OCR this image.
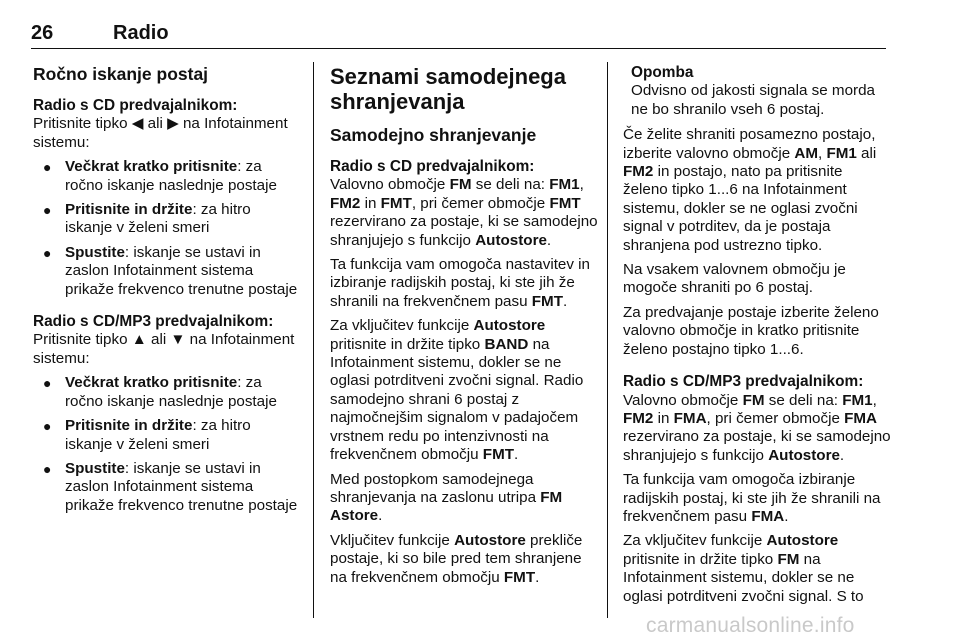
26	Radio
Ročno iskanje postaj
Radio s CD predvajalnikom:

Pritisnite tipko ◀ ali ▶ na Infotainment sistemu:

● Večkrat kratko pritisnite: za ročno iskanje naslednje postaje
● Pritisnite in držite: za hitro iskanje v želeni smeri
● Spustite: iskanje se ustavi in zaslon Infotainment sistema prikaže frekvenco trenutne postaje
Radio s CD/MP3 predvajalnikom:

Pritisnite tipko ▲ ali ▼ na Infotainment sistemu:

● Večkrat kratko pritisnite: za ročno iskanje naslednje postaje
● Pritisnite in držite: za hitro iskanje v želeni smeri
● Spustite: iskanje se ustavi in zaslon Infotainment sistema prikaže frekvenco trenutne postaje
Seznami samodejnega shranjevanja
Samodejno shranjevanje
Radio s CD predvajalnikom:

Valovno območje FM se deli na: FM1, FM2 in FMT, pri čemer območje FMT rezervirano za postaje, ki se samodejno shranjujejo s funkcijo Autostore.

Ta funkcija vam omogoča nastavitev in izbiranje radijskih postaj, ki ste jih že shranili na frekvenčnem pasu FMT.

Za vključitev funkcije Autostore pritisnite in držite tipko BAND na Infotainment sistemu, dokler se ne oglasi potrditveni zvočni signal. Radio samodejno shrani 6 postaj z najmočnejšim signalom v padajočem vrstnem redu po intenzivnosti na frekvenčnem območju FMT.

Med postopkom samodejnega shranjevanja na zaslonu utripa FM Astore.

Vključitev funkcije Autostore prekliče postaje, ki so bile pred tem shranjene na frekvenčnem območju FMT.

Opomba
Odvisno od jakosti signala se morda ne bo shranilo vseh 6 postaj.

Če želite shraniti posamezno postajo, izberite valovno območje AM, FM1 ali FM2 in postajo, nato pa pritisnite želeno tipko 1...6 na Infotainment sistemu, dokler se ne oglasi zvočni signal v potrditev, da je postaja shranjena pod ustrezno tipko.

Na vsakem valovnem območju je mogoče shraniti po 6 postaj.

Za predvajanje postaje izberite želeno valovno območje in kratko pritisnite želeno postajno tipko 1...6.

Radio s CD/MP3 predvajalnikom:

Valovno območje FM se deli na: FM1, FM2 in FMA, pri čemer območje FMA rezervirano za postaje, ki se samodejno shranjujejo s funkcijo Autostore.

Ta funkcija vam omogoča izbiranje radijskih postaj, ki ste jih že shranili na frekvenčnem pasu FMA.

Za vključitev funkcije Autostore pritisnite in držite tipko FM na Infotainment sistemu, dokler se ne oglasi potrditveni zvočni signal. S to

carmanualsonline.info
